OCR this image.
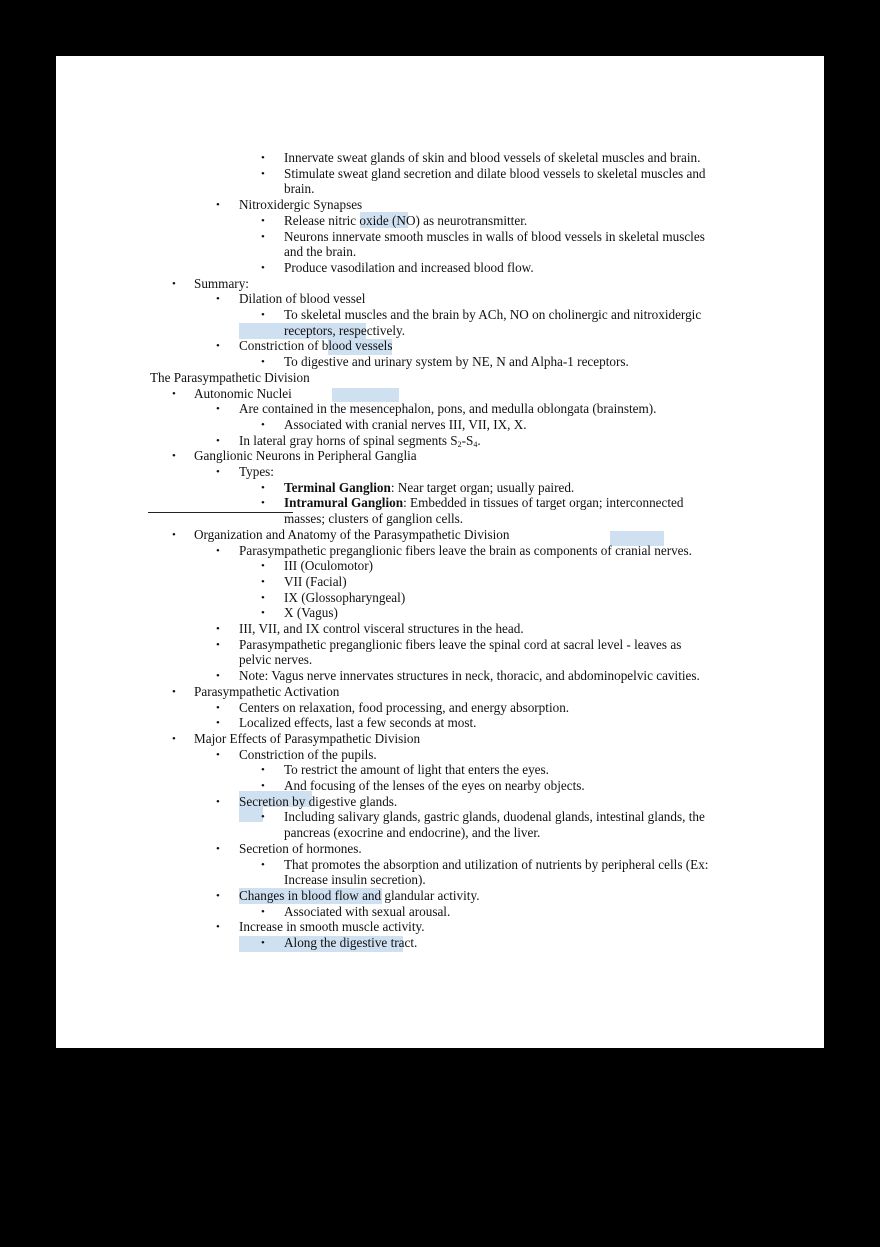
• Innervate sweat glands of skin and blood vessels of skeletal muscles and brain.
• Stimulate sweat gland secretion and dilate blood vessels to skeletal muscles and
brain.
• Nitroxidergic Synapses
• Release nitric oxide (NO) as neurotransmitter.
• Neurons innervate smooth muscles in walls of blood vessels in skeletal muscles
and the brain.
• Produce vasodilation and increased blood flow.
• Summary:
• Dilation of blood vessel
• To skeletal muscles and the brain by ACh, NO on cholinergic and nitroxidergic
receptors, respectively.
• Constriction of blood vessels
• To digestive and urinary system by NE, N and Alpha-1 receptors.
The Parasympathetic Division
• Autonomic Nuclei
• Are contained in the mesencephalon, pons, and medulla oblongata (brainstem).
• Associated with cranial nerves III, VII, IX, X.
• In lateral gray horns of spinal segments $S_2-S_4$.
• Ganglionic Neurons in Peripheral Ganglia
• Types:
• Terminal Ganglion: Near target organ; usually paired.
• Intramural Ganglion: Embedded in tissues of target organ; interconnected
masses; clusters of ganglion cells.
• Organization and Anatomy of the Parasympathetic Division
• Parasympathetic preganglionic fibers leave the brain as components of cranial nerves.
• III (Oculomotor)
• VII (Facial)
• IX (Glossopharyngeal)
• X (Vagus)
• III, VII, and IX control visceral structures in the head.
• Parasympathetic preganglionic fibers leave the spinal cord at sacral level - leaves as
pelvic nerves.
• Note: Vagus nerve innervates structures in neck, thoracic, and abdominopelvic cavities.
• Parasympathetic Activation
• Centers on relaxation, food processing, and energy absorption.
• Localized effects, last a few seconds at most.
• Major Effects of Parasympathetic Division
• Constriction of the pupils.
• To restrict the amount of light that enters the eyes.
• And focusing of the lenses of the eyes on nearby objects.
• Secretion by digestive glands.
• Including salivary glands, gastric glands, duodenal glands, intestinal glands, the
pancreas (exocrine and endocrine), and the liver.
• Secretion of hormones.
• That promotes the absorption and utilization of nutrients by peripheral cells (Ex:
Increase insulin secretion).
• Changes in blood flow and glandular activity.
• Associated with sexual arousal.
• Increase in smooth muscle activity.
• Along the digestive tract.
